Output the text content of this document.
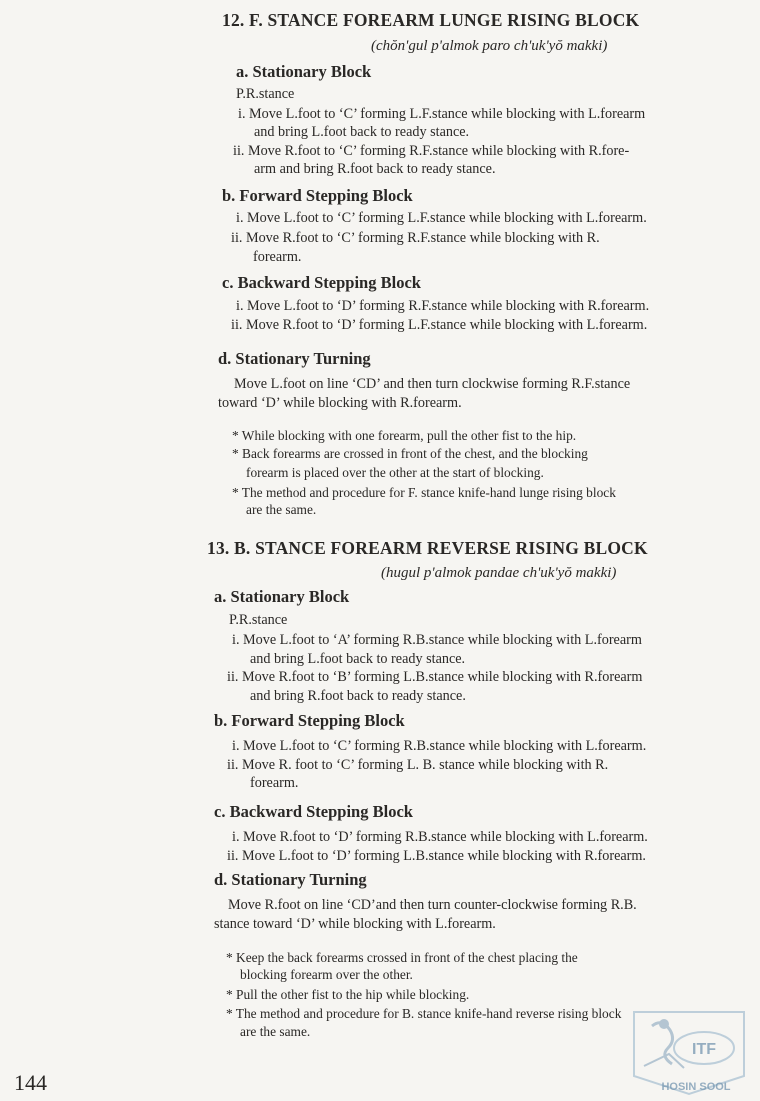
12. F. STANCE FOREARM LUNGE RISING BLOCK
(chŏn'gul p'almok paro ch'uk'yŏ makki)
a. Stationary Block
P.R.stance
i. Move L.foot to ‘C’ forming L.F.stance while blocking with L.forearm
and bring L.foot back to ready stance.
ii. Move R.foot to ‘C’ forming R.F.stance while blocking with R.fore-
arm and bring R.foot back to ready stance.
b. Forward Stepping Block
i. Move L.foot to ‘C’ forming L.F.stance while blocking with L.forearm.
ii. Move R.foot to ‘C’ forming R.F.stance while blocking with R.
forearm.
c. Backward Stepping Block
i. Move L.foot to ‘D’ forming R.F.stance while blocking with R.forearm.
ii. Move R.foot to ‘D’ forming L.F.stance while blocking with L.forearm.
d. Stationary Turning
Move L.foot on line ‘CD’ and then turn clockwise forming R.F.stance
toward ‘D’ while blocking with R.forearm.
* While blocking with one forearm, pull the other fist to the hip.
* Back forearms are crossed in front of the chest, and the blocking
forearm is placed over the other at the start of blocking.
* The method and procedure for F. stance knife-hand lunge rising block
are the same.
13. B. STANCE FOREARM REVERSE RISING BLOCK
(hugul p'almok pandae ch'uk'yŏ makki)
a. Stationary Block
P.R.stance
i. Move L.foot to ‘A’ forming R.B.stance while blocking with L.forearm
and bring L.foot back to ready stance.
ii. Move R.foot to ‘B’ forming L.B.stance while blocking with R.forearm
and bring R.foot back to ready stance.
b. Forward Stepping Block
i. Move L.foot to ‘C’ forming R.B.stance while blocking with L.forearm.
ii. Move R. foot to ‘C’ forming L. B. stance while blocking with R.
forearm.
c. Backward Stepping Block
i. Move R.foot to ‘D’ forming R.B.stance while blocking with L.forearm.
ii. Move L.foot to ‘D’ forming L.B.stance while blocking with R.forearm.
d. Stationary Turning
Move R.foot on line ‘CD’and then turn counter-clockwise forming R.B.
stance toward ‘D’ while blocking with L.forearm.
* Keep the back forearms crossed in front of the chest placing the
blocking forearm over the other.
* Pull the other fist to the hip while blocking.
* The method and procedure for B. stance knife-hand reverse rising block
are the same.
144
ITF
HOSIN SOOL
